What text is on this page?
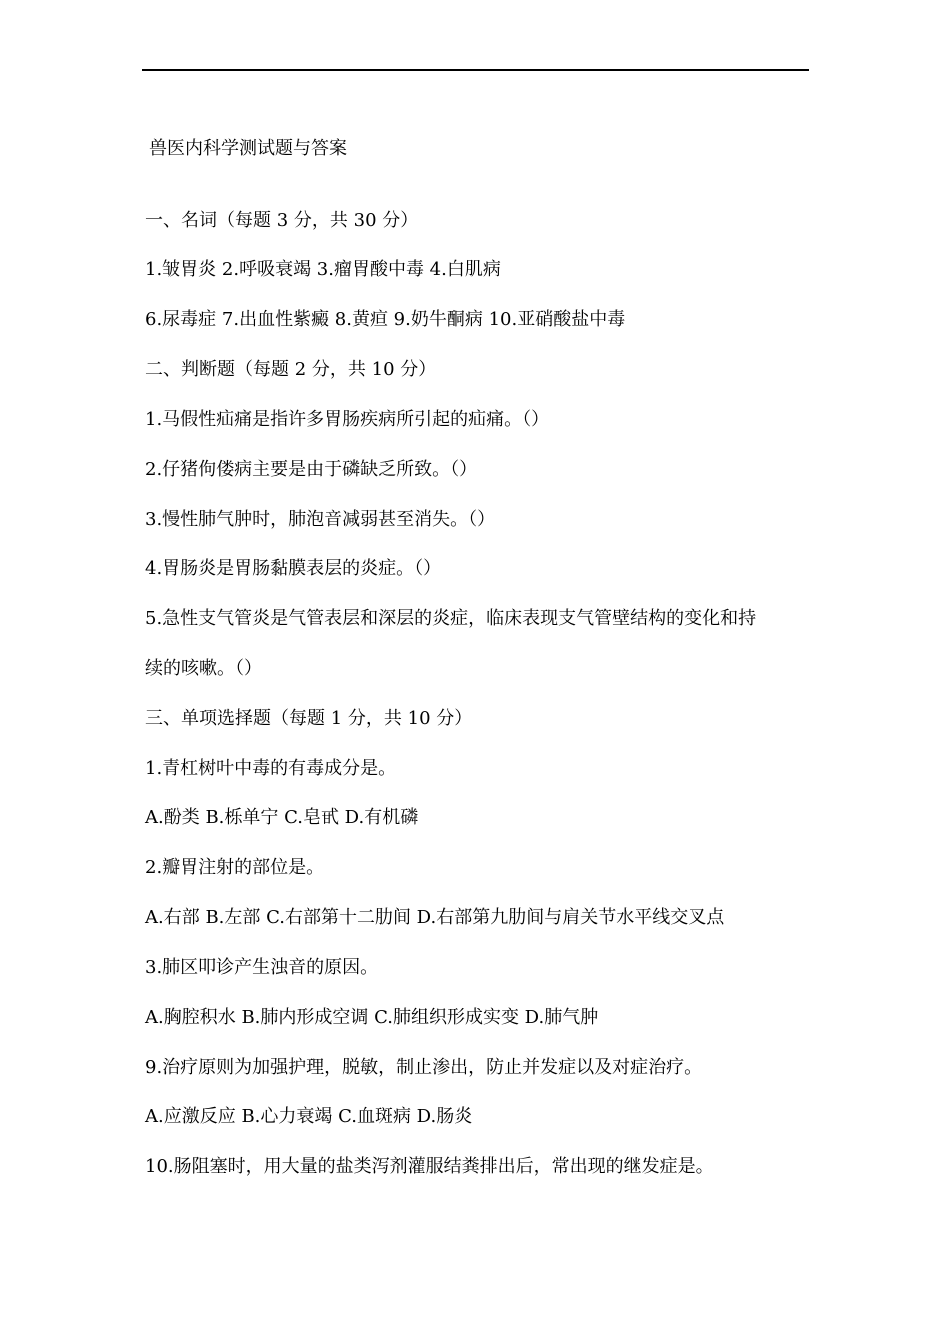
兽医内科学测试题与答案

一、名词（每题 3 分，共 30 分）

1.皱胃炎 2.呼吸衰竭 3.瘤胃酸中毒 4.白肌病

6.尿毒症 7.出血性紫癜 8.黄疸 9.奶牛酮病 10.亚硝酸盐中毒

二、判断题（每题 2 分，共 10 分）

1.马假性疝痛是指许多胃肠疾病所引起的疝痛。（）

2.仔猪佝偻病主要是由于磷缺乏所致。（）

3.慢性肺气肿时，肺泡音减弱甚至消失。（）

4.胃肠炎是胃肠黏膜表层的炎症。（）

5.急性支气管炎是气管表层和深层的炎症，临床表现支气管壁结构的变化和持

续的咳嗽。（）

三、单项选择题（每题 1 分，共 10 分）

1.青杠树叶中毒的有毒成分是。

A.酚类 B.栎单宁 C.皂甙 D.有机磷

2.瓣胃注射的部位是。

A.右部 B.左部 C.右部第十二肋间 D.右部第九肋间与肩关节水平线交叉点

3.肺区叩诊产生浊音的原因。

A.胸腔积水 B.肺内形成空调 C.肺组织形成实变 D.肺气肿

9.治疗原则为加强护理，脱敏，制止渗出，防止并发症以及对症治疗。

A.应激反应 B.心力衰竭 C.血斑病 D.肠炎

10.肠阻塞时，用大量的盐类泻剂灌服结粪排出后，常出现的继发症是。
